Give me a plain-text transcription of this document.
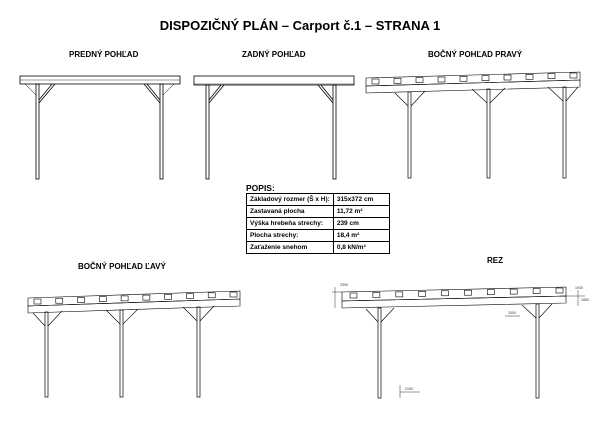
DISPOZIČNÝ PLÁN – Carport č.1 – STRANA 1
PREDNÝ POHĽAD	ZADNÝ POHĽAD	BOČNÝ POHĽAD PRAVÝ
BOČNÝ POHĽAD ĽAVÝ
REZ
POPIS:
Základový rozmer (Š x H):	315x372 cm
Zastavaná plocha	11,72 m²
Výška hrebeňa strechy:	239 cm
Plocha strechy:	18,4 m²
Zaťaženie snehom	0,8 kN/m²
2390
1930
1850
2000
2150
